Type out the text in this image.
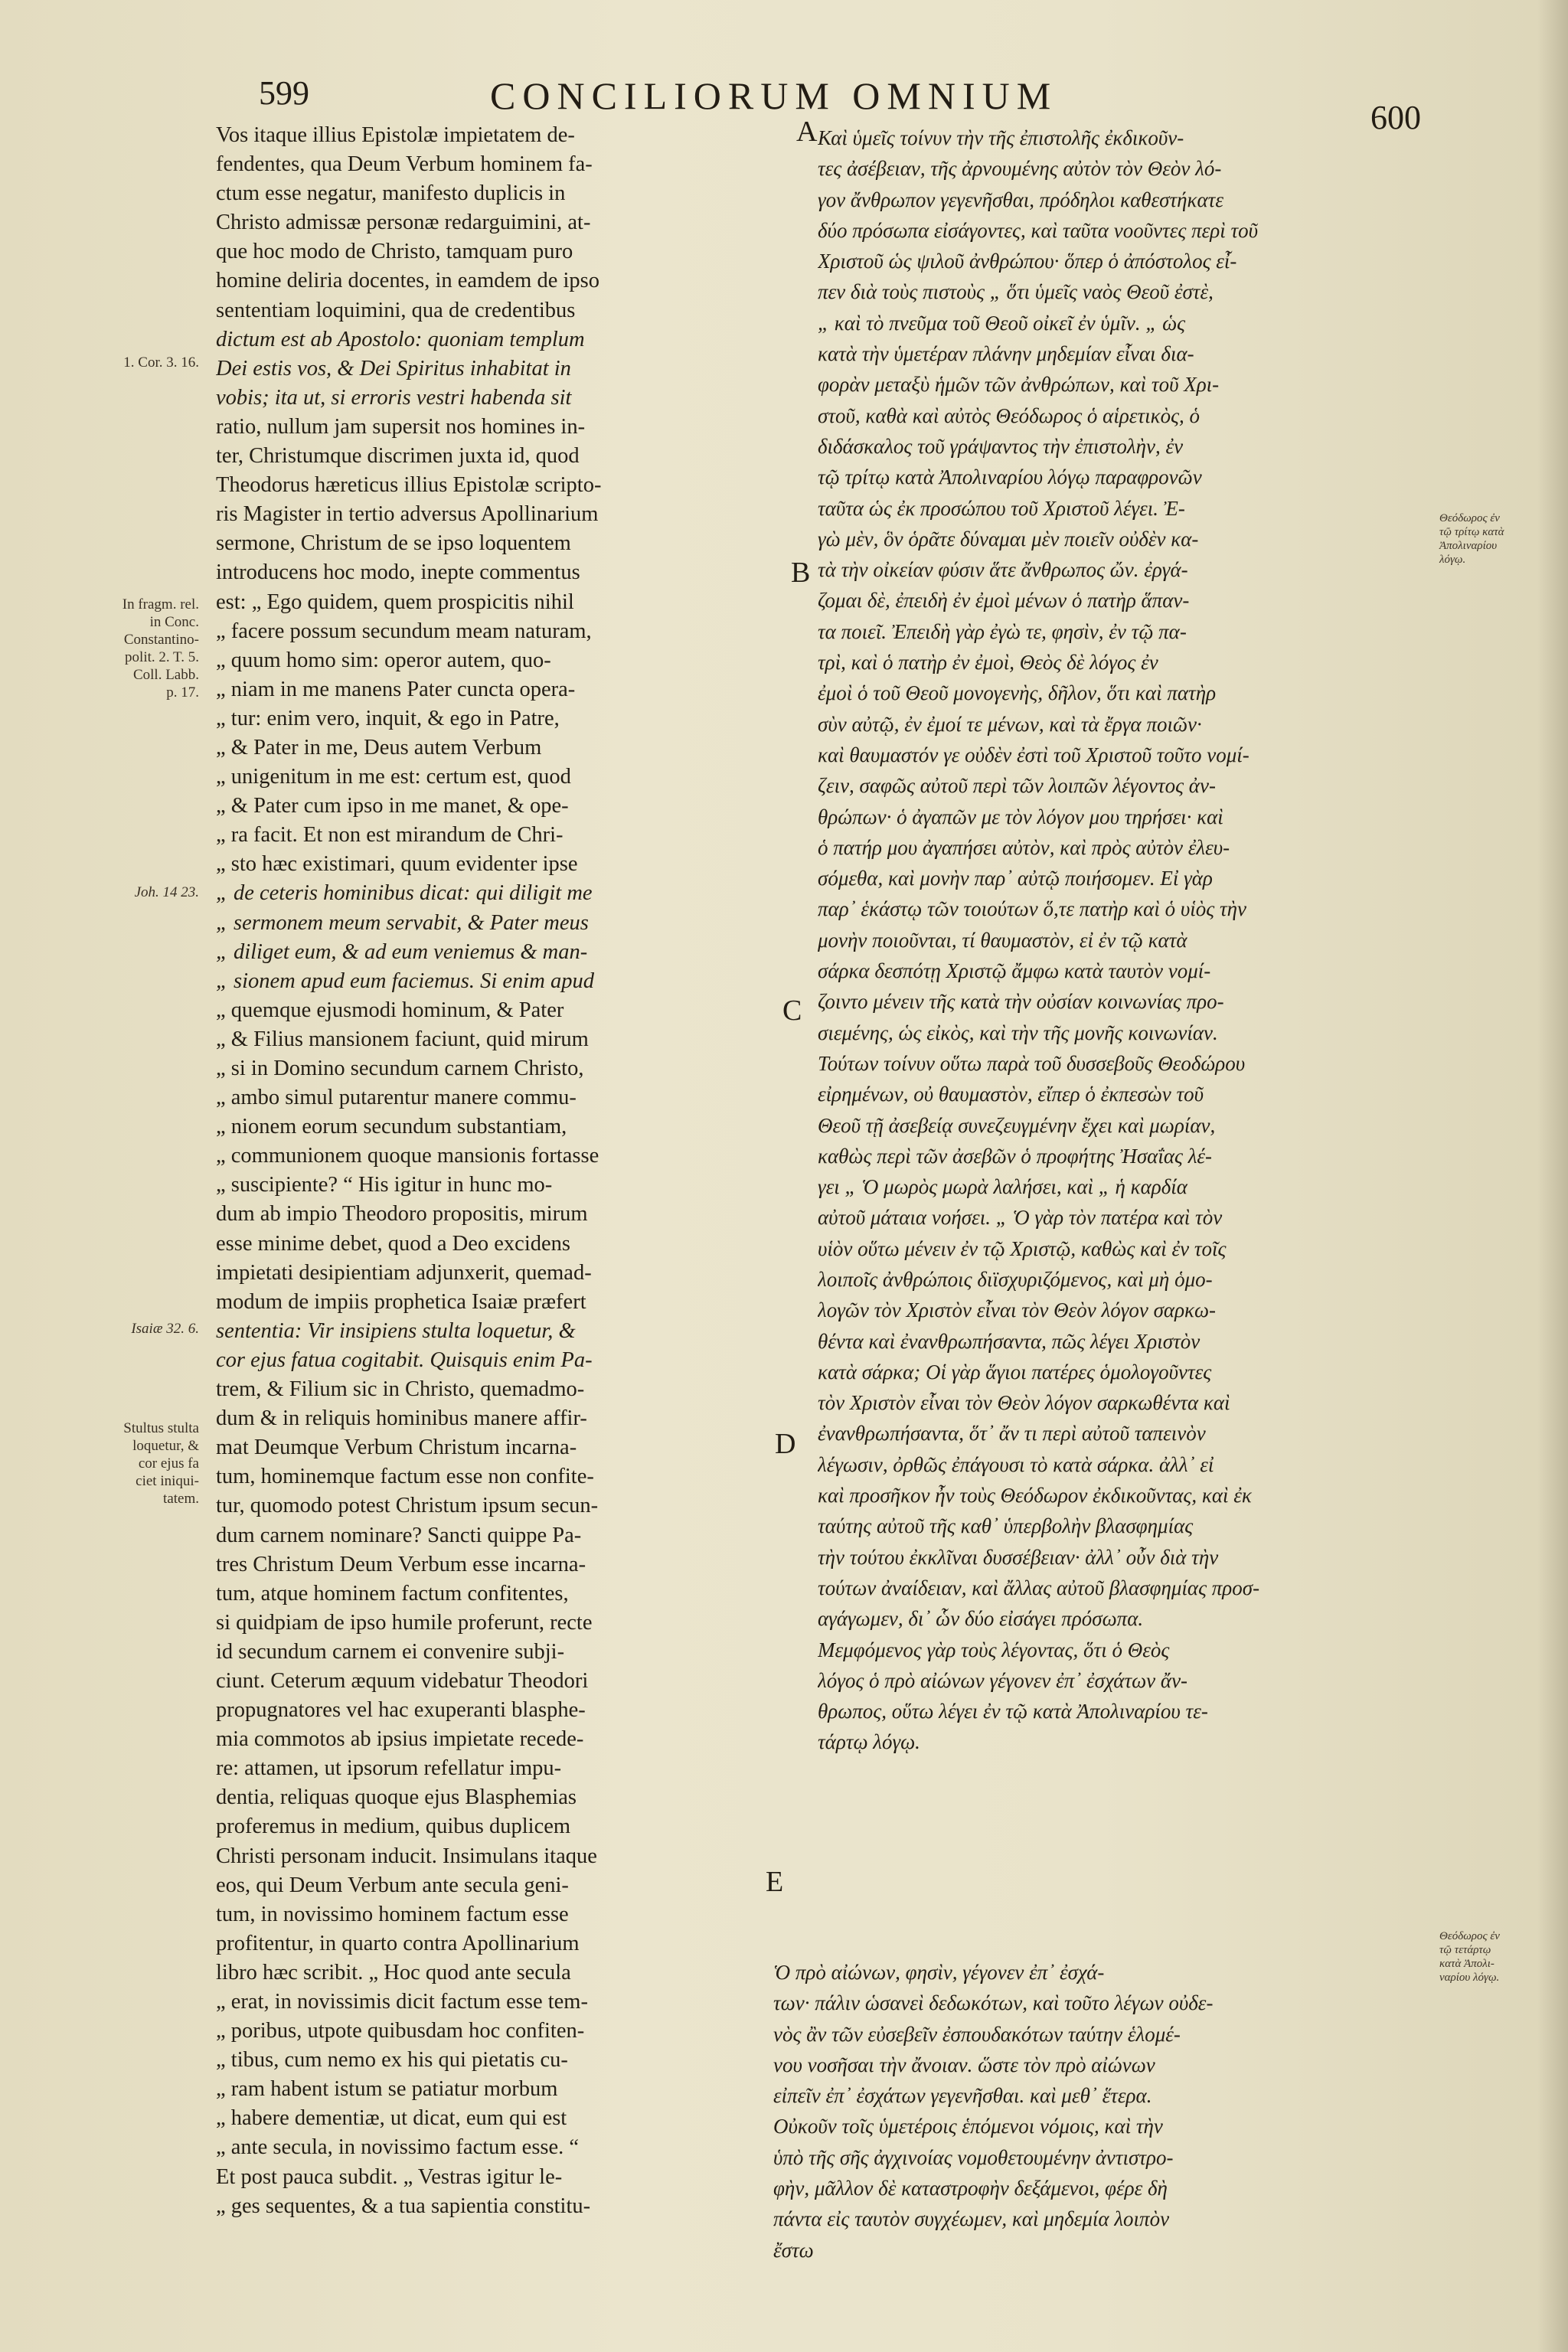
599	CONCILIORUM OMNIUM
600
Vos itaque illius Epistolæ impietatem de-
fendentes, qua Deum Verbum hominem fa-
ctum esse negatur, manifesto duplicis in
Christo admissæ personæ redarguimini, at-
que hoc modo de Christo, tamquam puro
homine deliria docentes, in eamdem de ipso
sententiam loquimini, qua de credentibus
dictum est ab Apostolo: quoniam templum
Dei estis vos, & Dei Spiritus inhabitat in
vobis; ita ut, si erroris vestri habenda sit
ratio, nullum jam supersit nos homines in-
ter, Christumque discrimen juxta id, quod
Theodorus hæreticus illius Epistolæ scripto-
ris Magister in tertio adversus Apollinarium
sermone, Christum de se ipso loquentem
introducens hoc modo, inepte commentus
est: „ Ego quidem, quem prospicitis nihil
„ facere possum secundum meam naturam,
„ quum homo sim: operor autem, quo-
„ niam in me manens Pater cuncta opera-
„ tur: enim vero, inquit, & ego in Patre,
„ & Pater in me, Deus autem Verbum
„ unigenitum in me est: certum est, quod
„ & Pater cum ipso in me manet, & ope-
„ ra facit. Et non est mirandum de Chri-
„ sto hæc existimari, quum evidenter ipse
„ de ceteris hominibus dicat: qui diligit me
„ sermonem meum servabit, & Pater meus
„ diliget eum, & ad eum veniemus & man-
„ sionem apud eum faciemus. Si enim apud
„ quemque ejusmodi hominum, & Pater
„ & Filius mansionem faciunt, quid mirum
„ si in Domino secundum carnem Christo,
„ ambo simul putarentur manere commu-
„ nionem eorum secundum substantiam,
„ communionem quoque mansionis fortasse
„ suscipiente? “ His igitur in hunc mo-
dum ab impio Theodoro propositis, mirum
esse minime debet, quod a Deo excidens
impietati desipientiam adjunxerit, quemad-
modum de impiis prophetica Isaiæ præfert
sententia: Vir insipiens stulta loquetur, &
cor ejus fatua cogitabit. Quisquis enim Pa-
trem, & Filium sic in Christo, quemadmo-
dum & in reliquis hominibus manere affir-
mat Deumque Verbum Christum incarna-
tum, hominemque factum esse non confite-
tur, quomodo potest Christum ipsum secun-
dum carnem nominare? Sancti quippe Pa-
tres Christum Deum Verbum esse incarna-
tum, atque hominem factum confitentes,
si quidpiam de ipso humile proferunt, recte
id secundum carnem ei convenire subji-
ciunt. Ceterum æquum videbatur Theodori
propugnatores vel hac exuperanti blasphe-
mia commotos ab ipsius impietate recede-
re: attamen, ut ipsorum refellatur impu-
dentia, reliquas quoque ejus Blasphemias
proferemus in medium, quibus duplicem
Christi personam inducit. Insimulans itaque
eos, qui Deum Verbum ante secula geni-
tum, in novissimo hominem factum esse
profitentur, in quarto contra Apollinarium
libro hæc scribit. „ Hoc quod ante secula
„ erat, in novissimis dicit factum esse tem-
„ poribus, utpote quibusdam hoc confiten-
„ tibus, cum nemo ex his qui pietatis cu-
„ ram habent istum se patiatur morbum
„ habere dementiæ, ut dicat, eum qui est
„ ante secula, in novissimo factum esse. “
Et post pauca subdit. „ Vestras igitur le-
„ ges sequentes, & a tua sapientia constitu-
Καὶ ὑμεῖς τοίνυν τὴν τῆς ἐπιστολῆς ἐκδικοῦν-
τες ἀσέβειαν, τῆς ἀρνουμένης αὐτὸν τὸν Θεὸν λό-
γον ἄνθρωπον γεγενῆσθαι, πρόδηλοι καθεστήκατε
δύο πρόσωπα εἰσάγοντες, καὶ ταῦτα νοοῦντες περὶ τοῦ
Χριστοῦ ὡς ψιλοῦ ἀνθρώπου· ὅπερ ὁ ἀπόστολος εἶ-
πεν διὰ τοὺς πιστοὺς „ ὅτι ὑμεῖς ναὸς Θεοῦ ἐστὲ,
„ καὶ τὸ πνεῦμα τοῦ Θεοῦ οἰκεῖ ἐν ὑμῖν. „ ὡς
κατὰ τὴν ὑμετέραν πλάνην μηδεμίαν εἶναι δια-
φορὰν μεταξὺ ἡμῶν τῶν ἀνθρώπων, καὶ τοῦ Χρι-
στοῦ, καθὰ καὶ αὐτὸς Θεόδωρος ὁ αἱρετικὸς, ὁ
διδάσκαλος τοῦ γράψαντος τὴν ἐπιστολὴν, ἐν
τῷ τρίτῳ κατὰ Ἀπολιναρίου λόγῳ παραφρονῶν
ταῦτα ὡς ἐκ προσώπου τοῦ Χριστοῦ λέγει. Ἐ-
γὼ μὲν, ὃν ὁρᾶτε δύναμαι μὲν ποιεῖν οὐδὲν κα-
τὰ τὴν οἰκείαν φύσιν ἅτε ἄνθρωπος ὤν. ἐργά-
ζομαι δὲ, ἐπειδὴ ἐν ἐμοὶ μένων ὁ πατὴρ ἅπαν-
τα ποιεῖ. Ἐπειδὴ γὰρ ἐγὼ τε, φησὶν, ἐν τῷ πα-
τρὶ, καὶ ὁ πατὴρ ἐν ἐμοὶ, Θεὸς δὲ λόγος ἐν
ἐμοὶ ὁ τοῦ Θεοῦ μονογενὴς, δῆλον, ὅτι καὶ πατὴρ
σὺν αὐτῷ, ἐν ἐμοί τε μένων, καὶ τὰ ἔργα ποιῶν·
καὶ θαυμαστόν γε οὐδὲν ἐστὶ τοῦ Χριστοῦ τοῦτο νομί-
ζειν, σαφῶς αὐτοῦ περὶ τῶν λοιπῶν λέγοντος ἀν-
θρώπων· ὁ ἀγαπῶν με τὸν λόγον μου τηρήσει· καὶ
ὁ πατήρ μου ἀγαπήσει αὐτὸν, καὶ πρὸς αὐτὸν ἐλευ-
σόμεθα, καὶ μονὴν παρ᾽ αὐτῷ ποιήσομεν. Εἰ γὰρ
παρ᾽ ἑκάστῳ τῶν τοιούτων ὅ,τε πατὴρ καὶ ὁ υἱὸς τὴν
μονὴν ποιοῦνται, τί θαυμαστὸν, εἰ ἐν τῷ κατὰ
σάρκα δεσπότῃ Χριστῷ ἄμφω κατὰ ταυτὸν νομί-
ζοιντο μένειν τῆς κατὰ τὴν οὐσίαν κοινωνίας προ-
σιεμένης, ὡς εἰκὸς, καὶ τὴν τῆς μονῆς κοινωνίαν.
Τούτων τοίνυν οὕτω παρὰ τοῦ δυσσεβοῦς Θεοδώρου
εἰρημένων, οὐ θαυμαστὸν, εἴπερ ὁ ἐκπεσὼν τοῦ
Θεοῦ τῇ ἀσεβείᾳ συνεζευγμένην ἔχει καὶ μωρίαν,
καθὼς περὶ τῶν ἀσεβῶν ὁ προφήτης Ἠσαΐας λέ-
γει „ Ὁ μωρὸς μωρὰ λαλήσει, καὶ „ ἡ καρδία
αὐτοῦ μάταια νοήσει. „ Ὁ γὰρ τὸν πατέρα καὶ τὸν
υἱὸν οὕτω μένειν ἐν τῷ Χριστῷ, καθὼς καὶ ἐν τοῖς
λοιποῖς ἀνθρώποις διϊσχυριζόμενος, καὶ μὴ ὁμο-
λογῶν τὸν Χριστὸν εἶναι τὸν Θεὸν λόγον σαρκω-
θέντα καὶ ἐνανθρωπήσαντα, πῶς λέγει Χριστὸν
κατὰ σάρκα; Οἱ γὰρ ἅγιοι πατέρες ὁμολογοῦντες
τὸν Χριστὸν εἶναι τὸν Θεὸν λόγον σαρκωθέντα καὶ
ἐνανθρωπήσαντα, ὅτ᾽ ἄν τι περὶ αὐτοῦ ταπεινὸν
λέγωσιν, ὀρθῶς ἐπάγουσι τὸ κατὰ σάρκα. ἀλλ᾽ εἰ
καὶ προσῆκον ἦν τοὺς Θεόδωρον ἐκδικοῦντας, καὶ ἐκ
ταύτης αὐτοῦ τῆς καθ᾽ ὑπερβολὴν βλασφημίας
τὴν τούτου ἐκκλῖναι δυσσέβειαν· ἀλλ᾽ οὖν διὰ τὴν
τούτων ἀναίδειαν, καὶ ἄλλας αὐτοῦ βλασφημίας προσ-
αγάγωμεν, δι᾽ ὧν δύο εἰσάγει πρόσωπα.
Μεμφόμενος γὰρ τοὺς λέγοντας, ὅτι ὁ Θεὸς
λόγος ὁ πρὸ αἰώνων γέγονεν ἐπ᾽ ἐσχάτων ἄν-
θρωπος, οὕτω λέγει ἐν τῷ κατὰ Ἀπολιναρίου τε-
τάρτῳ λόγῳ.
Ὁ πρὸ αἰώνων, φησὶν, γέγονεν ἐπ᾽ ἐσχά-
των· πάλιν ὡσανεὶ δεδωκότων, καὶ τοῦτο λέγων οὐδε-
νὸς ἂν τῶν εὐσεβεῖν ἐσπουδακότων ταύτην ἑλομέ-
νου νοσῆσαι τὴν ἄνοιαν. ὥστε τὸν πρὸ αἰώνων
εἰπεῖν ἐπ᾽ ἐσχάτων γεγενῆσθαι. καὶ μεθ᾽ ἕτερα.
Οὐκοῦν τοῖς ὑμετέροις ἑπόμενοι νόμοις, καὶ τὴν
ὑπὸ τῆς σῆς ἀγχινοίας νομοθετουμένην ἀντιστρο-
φὴν, μᾶλλον δὲ καταστροφὴν δεξάμενοι, φέρε δὴ
πάντα εἰς ταυτὸν συγχέωμεν, καὶ μηδεμία λοιπὸν
ἔστω
A
B
C
D
E
1. Cor. 3. 16.
In fragm. rel.
in Conc.
Constantino-
polit. 2. T. 5.
Coll. Labb.
p. 17.
Joh. 14 23.
Isaiæ 32. 6.
Stultus stulta
loquetur, &
cor ejus fa
ciet iniqui-
tatem.
Θεόδωρος ἐν
τῷ τρίτῳ κατὰ
Ἀπολιναρίου
λόγῳ.
Θεόδωρος ἐν
τῷ τετάρτῳ
κατὰ Ἀπολι-
ναρίου λόγῳ.
